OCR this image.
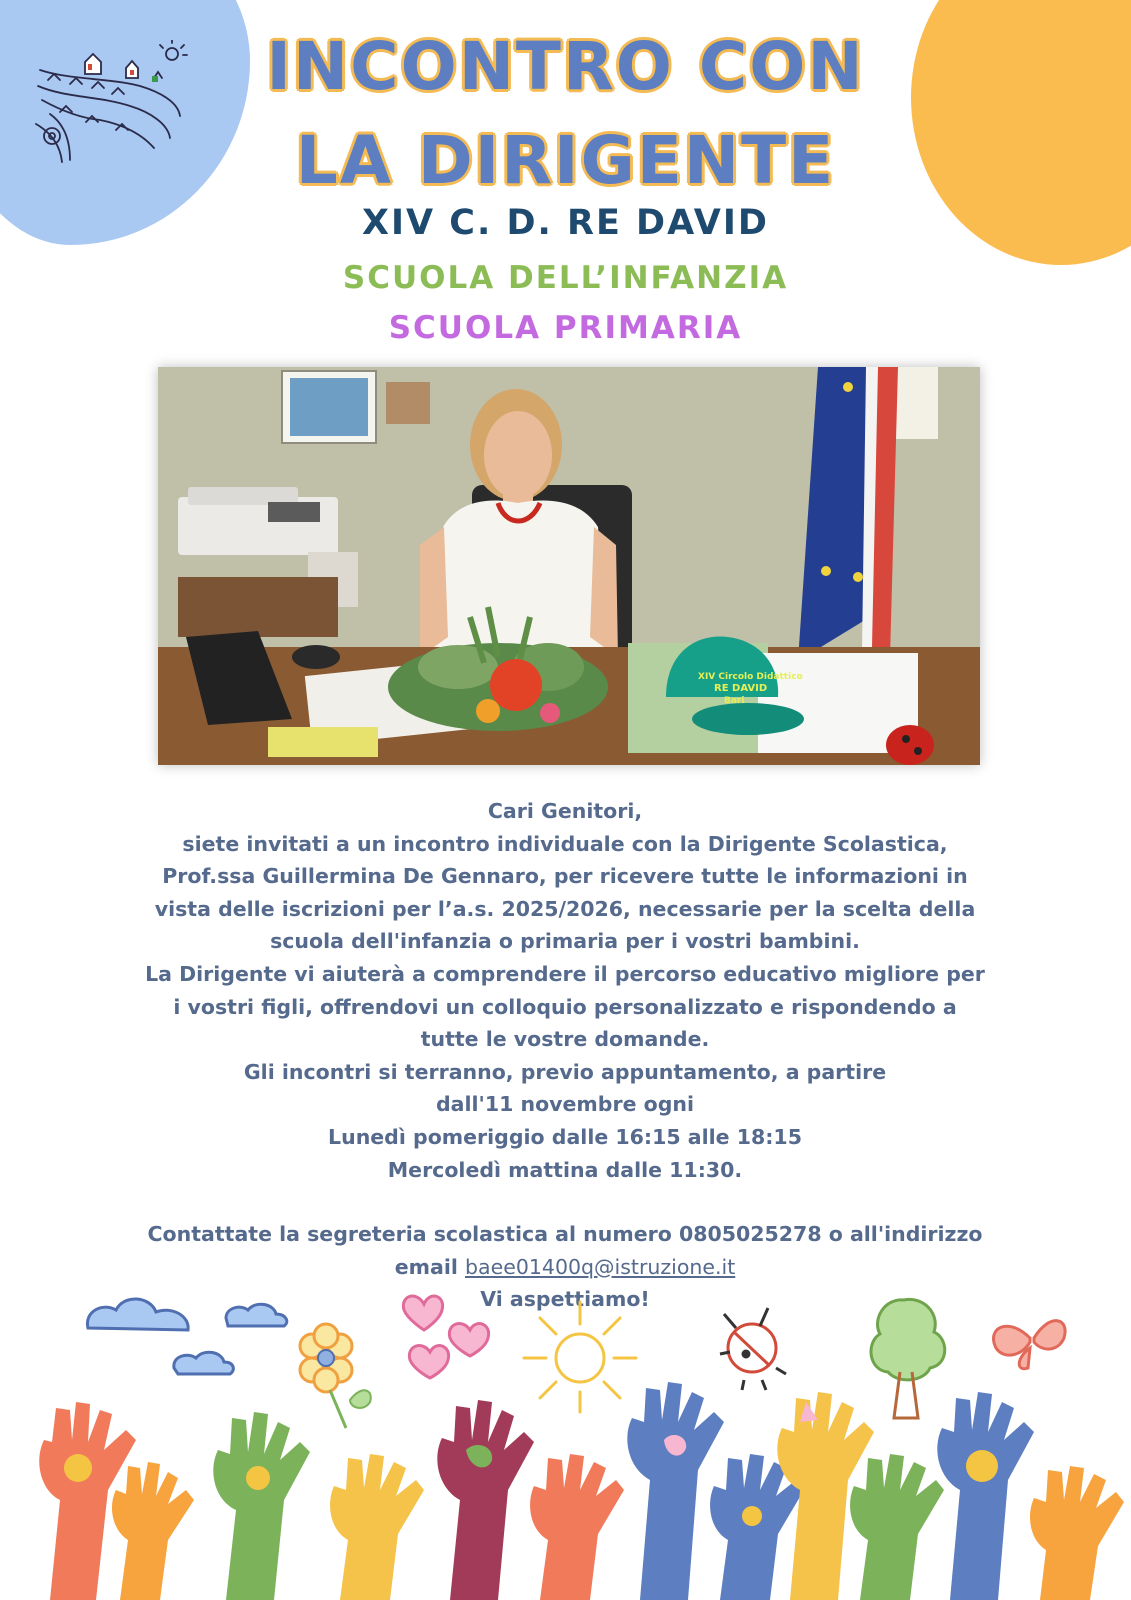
INCONTRO CON
LA DIRIGENTE
XIV C. D. RE DAVID
SCUOLA DELL’INFANZIA
SCUOLA PRIMARIA
XIV Circolo Didattico
RE DAVID
Bari

Cari Genitori,

siete invitati a un incontro individuale con la Dirigente Scolastica,

Prof.ssa Guillermina De Gennaro, per ricevere tutte le informazioni in

vista delle iscrizioni per l’a.s. 2025/2026, necessarie per la scelta della

scuola dell'infanzia o primaria per i vostri bambini.

La Dirigente vi aiuterà a comprendere il percorso educativo migliore per

i vostri figli, offrendovi un colloquio personalizzato e rispondendo a

tutte le vostre domande.

Gli incontri si terranno, previo appuntamento, a partire

dall'11 novembre ogni

Lunedì pomeriggio dalle 16:15 alle 18:15

Mercoledì mattina dalle 11:30.

Contattate la segreteria scolastica al numero 0805025278 o all'indirizzo

email baee01400q@istruzione.it

Vi aspettiamo!
